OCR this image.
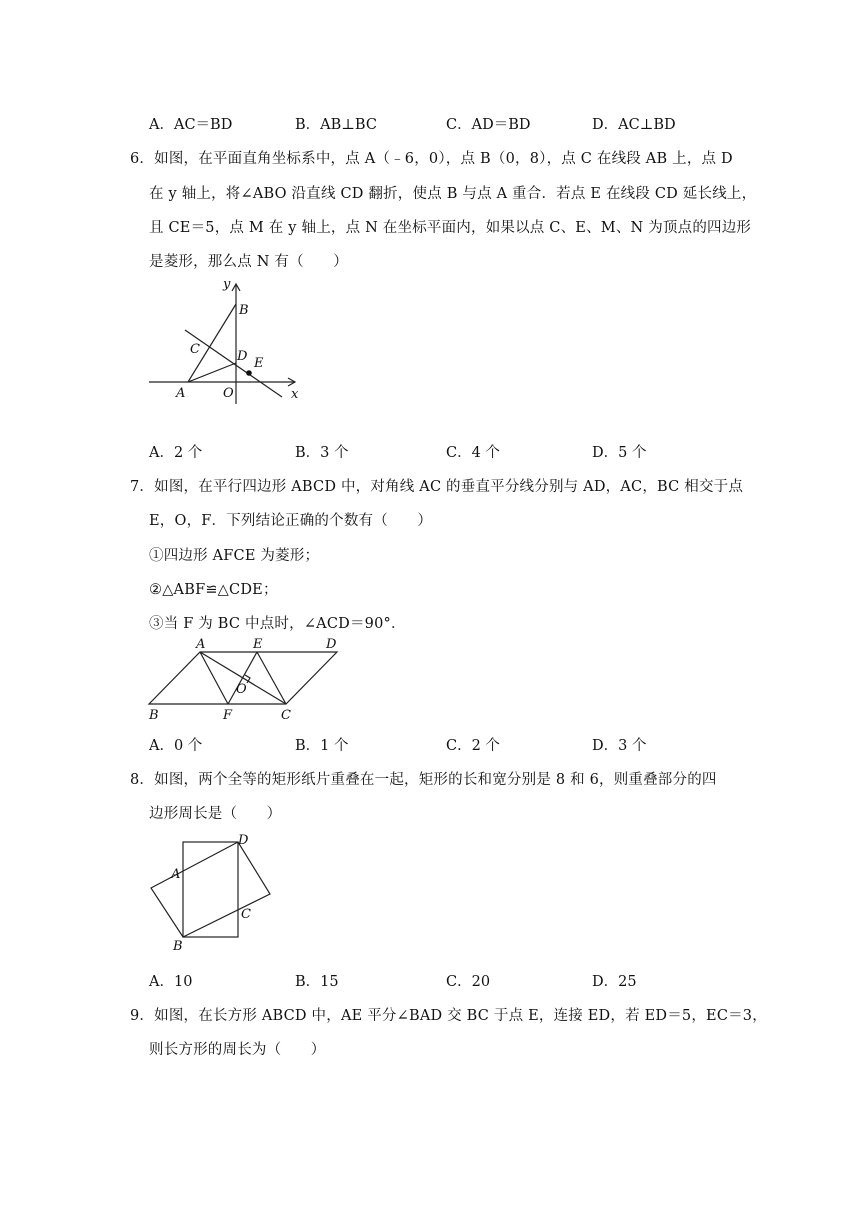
A．AC＝BD	B．AB⊥BC	C．AD＝BD	D．AC⊥BD
6．如图，在平面直角坐标系中，点 A（﹣6，0），点 B（0，8），点 C 在线段 AB 上，点 D
在 y 轴上，将∠ABO 沿直线 CD 翻折，使点 B 与点 A 重合．若点 E 在线段 CD 延长线上，
且 CE＝5，点 M 在 y 轴上，点 N 在坐标平面内，如果以点 C、E、M、N 为顶点的四边形
是菱形，那么点 N 有（　　）
y
x
B
C	D E
A	O
A．2 个	B．3 个	C．4 个	D．5 个
7．如图，在平行四边形 ABCD 中，对角线 AC 的垂直平分线分别与 AD，AC，BC 相交于点
E，O，F．下列结论正确的个数有（　　）
①四边形 AFCE 为菱形；
②△ABF≌△CDE；
③当 F 为 BC 中点时，∠ACD＝90°．
A	E	D
O
B	F	C
A．0 个	B．1 个	C．2 个	D．3 个
8．如图，两个全等的矩形纸片重叠在一起，矩形的长和宽分别是 8 和 6，则重叠部分的四
边形周长是（　　）
D
A
C
B
A．10	B．15	C．20	D．25
9．如图，在长方形 ABCD 中，AE 平分∠BAD 交 BC 于点 E，连接 ED，若 ED＝5，EC＝3，
则长方形的周长为（　　）
